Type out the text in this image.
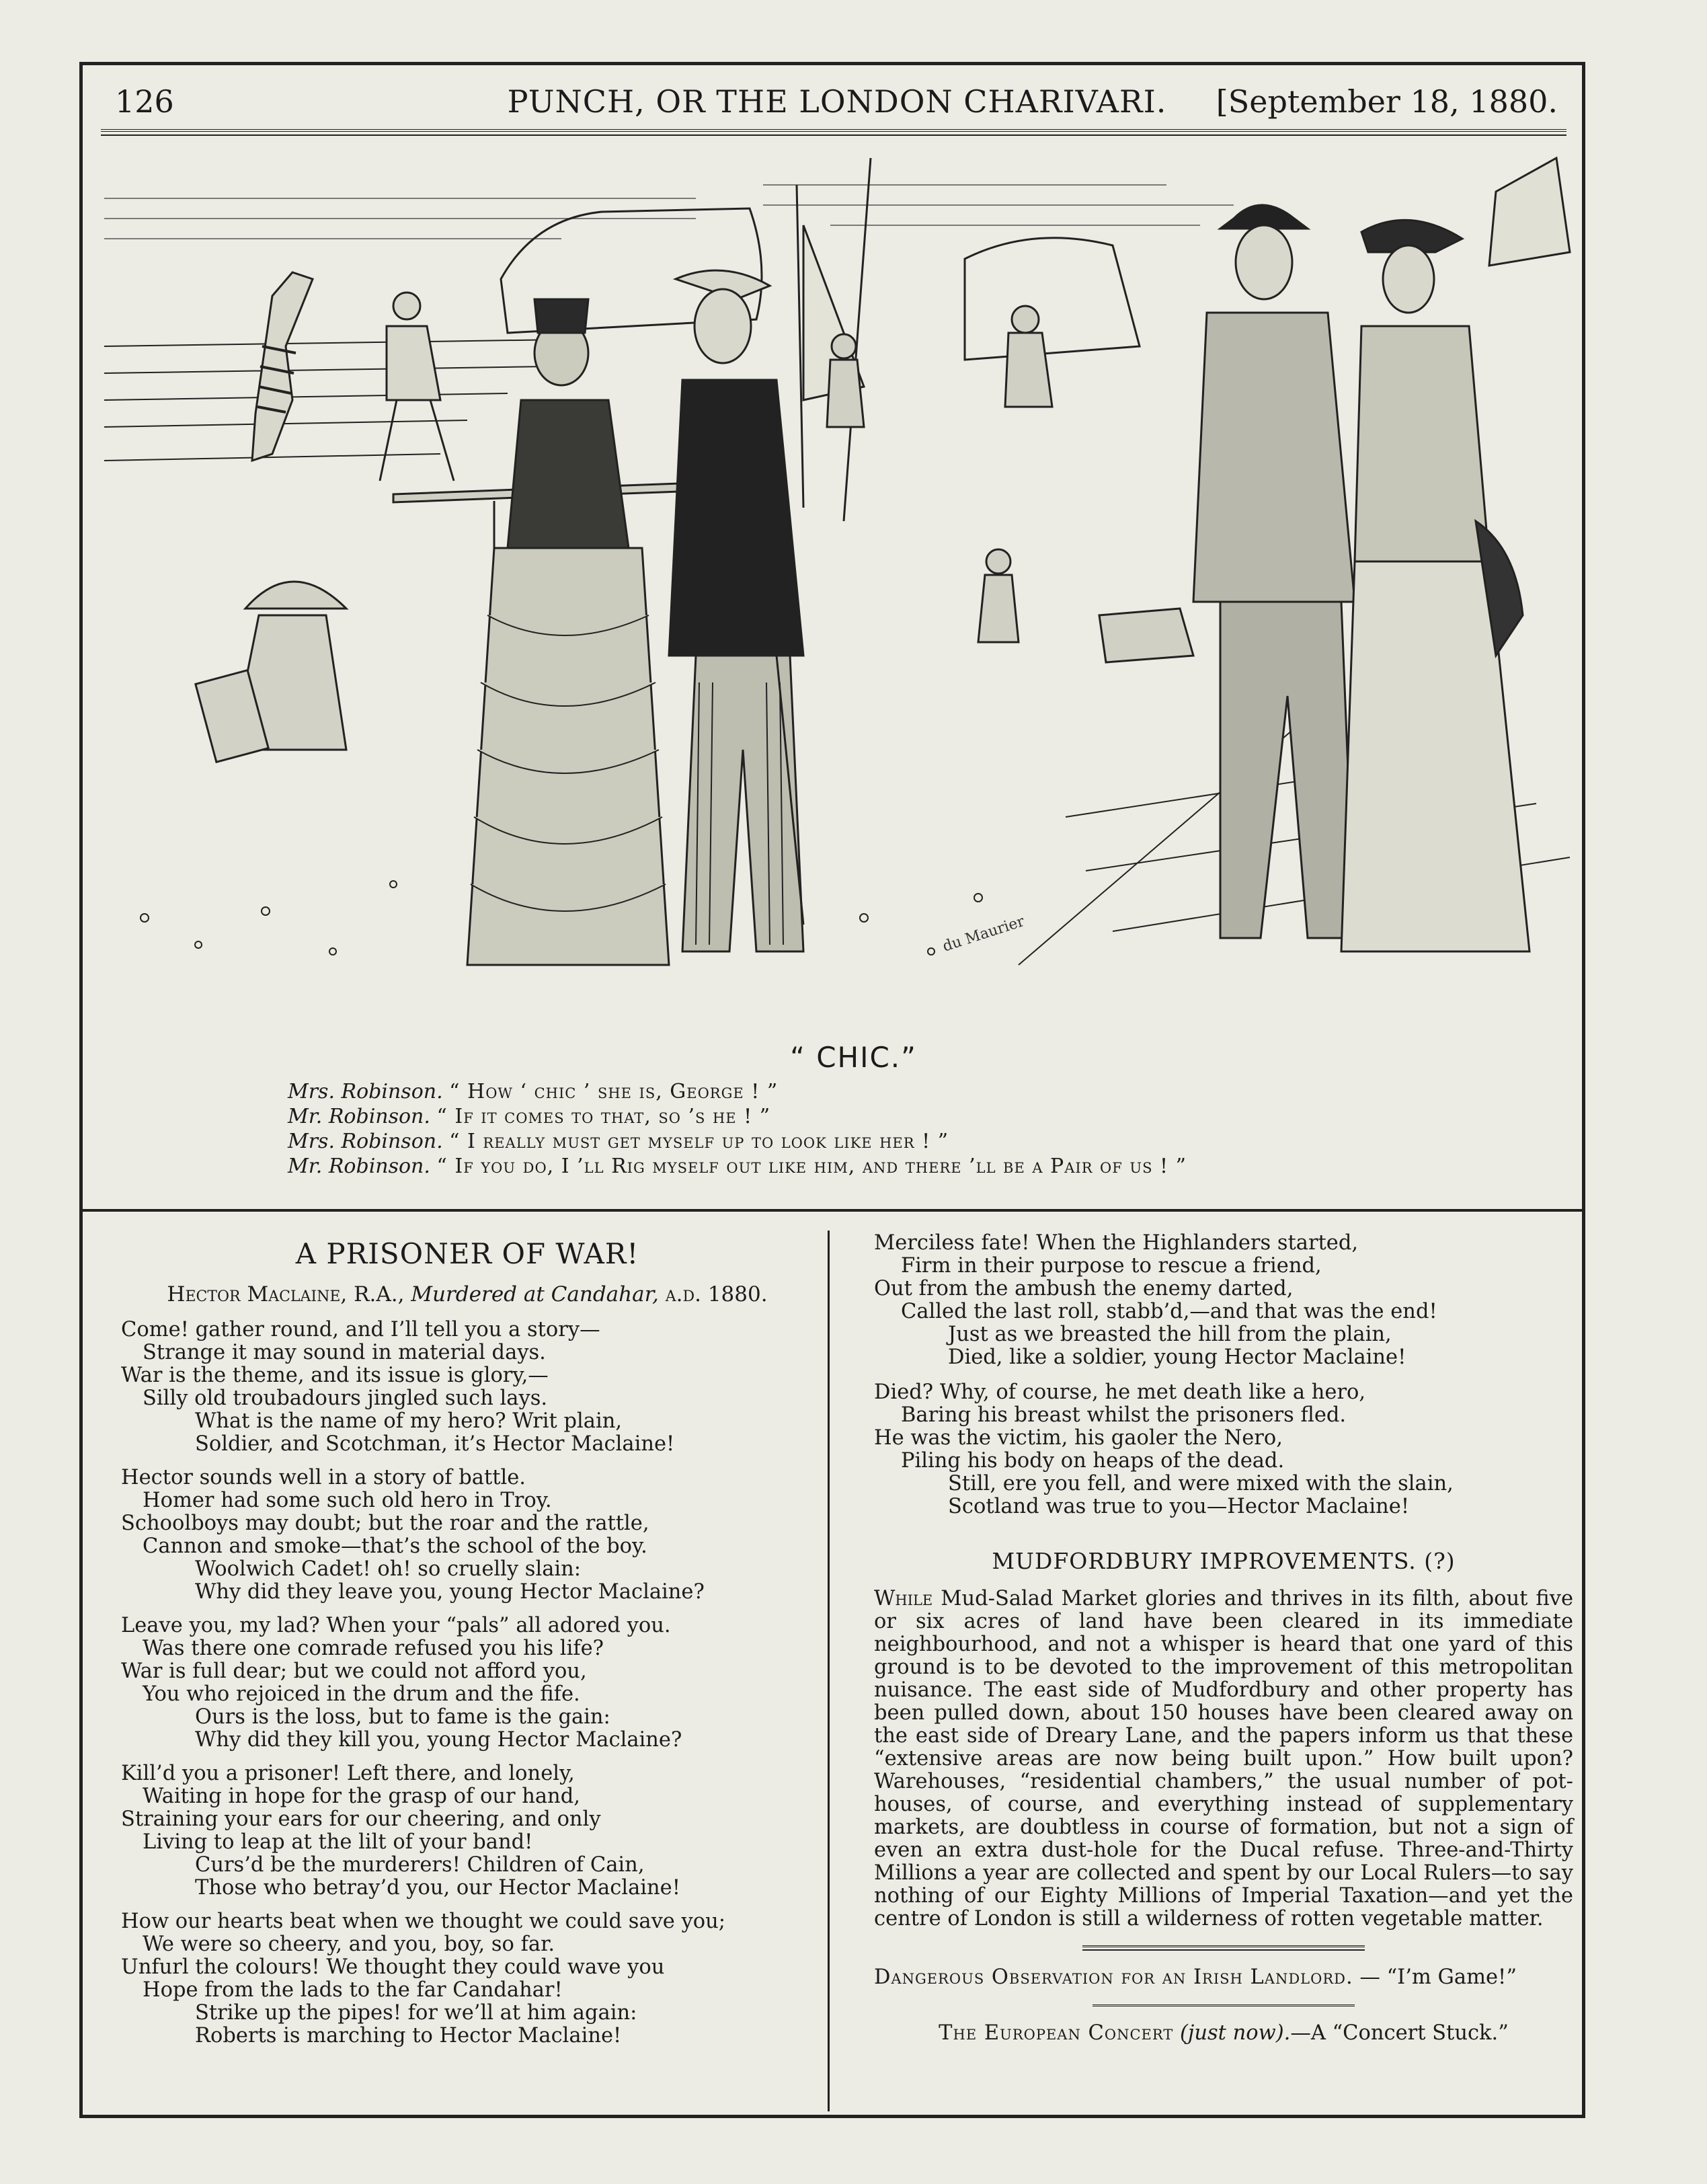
126	PUNCH, OR THE LONDON CHARIVARI.	[September 18, 1880.
du Maurier
“ CHIC.”
Mrs. Robinson. “ How ‘ chic ’ she is, George ! ”
Mr. Robinson. “ If it comes to that, so ’s he ! ”
Mrs. Robinson. “ I really must get myself up to look like her ! ”
Mr. Robinson. “ If you do, I ’ll Rig myself out like him, and there ’ll be a Pair of us ! ”
A PRISONER OF WAR!
Hector Maclaine, R.A., Murdered at Candahar, a.d. 1880.
Come! gather round, and I’ll tell you a story—
Strange it may sound in material days.
War is the theme, and its issue is glory,—
Silly old troubadours jingled such lays.
What is the name of my hero? Writ plain,
Soldier, and Scotchman, it’s Hector Maclaine!
Hector sounds well in a story of battle.
Homer had some such old hero in Troy.
Schoolboys may doubt; but the roar and the rattle,
Cannon and smoke—that’s the school of the boy.
Woolwich Cadet! oh! so cruelly slain:
Why did they leave you, young Hector Maclaine?
Leave you, my lad? When your “pals” all adored you.
Was there one comrade refused you his life?
War is full dear; but we could not afford you,
You who rejoiced in the drum and the fife.
Ours is the loss, but to fame is the gain:
Why did they kill you, young Hector Maclaine?
Kill’d you a prisoner! Left there, and lonely,
Waiting in hope for the grasp of our hand,
Straining your ears for our cheering, and only
Living to leap at the lilt of your band!
Curs’d be the murderers! Children of Cain,
Those who betray’d you, our Hector Maclaine!
How our hearts beat when we thought we could save you;
We were so cheery, and you, boy, so far.
Unfurl the colours! We thought they could wave you
Hope from the lads to the far Candahar!
Strike up the pipes! for we’ll at him again:
Roberts is marching to Hector Maclaine!
Merciless fate! When the Highlanders started,
Firm in their purpose to rescue a friend,
Out from the ambush the enemy darted,
Called the last roll, stabb’d,—and that was the end!
Just as we breasted the hill from the plain,
Died, like a soldier, young Hector Maclaine!
Died? Why, of course, he met death like a hero,
Baring his breast whilst the prisoners fled.
He was the victim, his gaoler the Nero,
Piling his body on heaps of the dead.
Still, ere you fell, and were mixed with the slain,
Scotland was true to you—Hector Maclaine!
MUDFORDBURY IMPROVEMENTS. (?)
While Mud-Salad Market glories and thrives in its filth, about five or six acres of land have been cleared in its immediate neighbourhood, and not a whisper is heard that one yard of this ground is to be devoted to the improvement of this metropolitan nuisance. The east side of Mudfordbury and other property has been pulled down, about 150 houses have been cleared away on the east side of Dreary Lane, and the papers inform us that these “extensive areas are now being built upon.” How built upon? Warehouses, “residential chambers,” the usual number of pot-houses, of course, and everything instead of supplementary markets, are doubtless in course of formation, but not a sign of even an extra dust-hole for the Ducal refuse. Three-and-Thirty Millions a year are collected and spent by our Local Rulers—to say nothing of our Eighty Millions of Imperial Taxation—and yet the centre of London is still a wilderness of rotten vegetable matter.
Dangerous Observation for an Irish Landlord. — “I’m Game!”
The European Concert (just now).—A “Concert Stuck.”
